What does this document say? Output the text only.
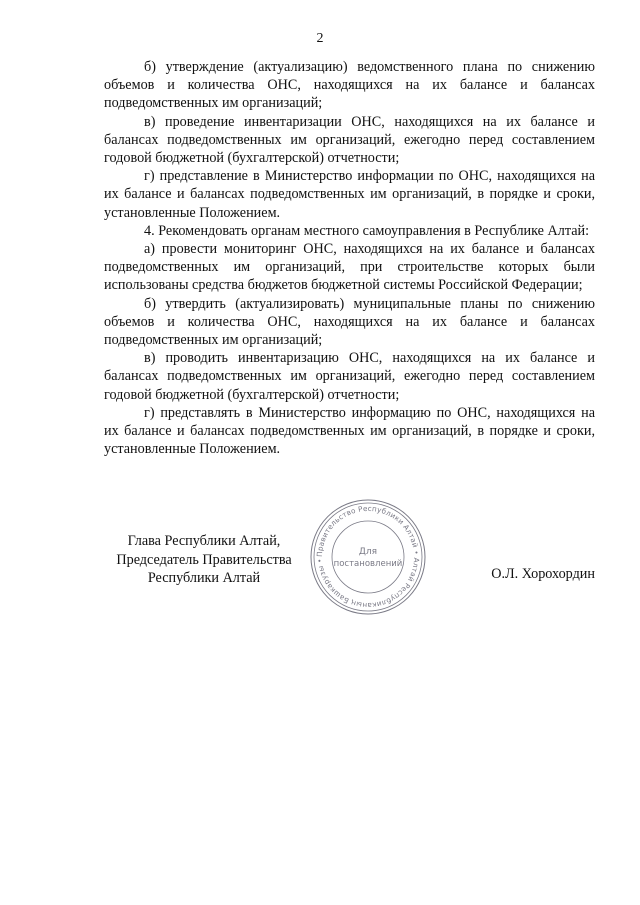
2

б) утверждение (актуализацию) ведомственного плана по снижению объемов и количества ОНС, находящихся на их балансе и балансах подведомственных им организаций;

в) проведение инвентаризации ОНС, находящихся на их балансе и балансах подведомственных им организаций, ежегодно перед составлением годовой бюджетной (бухгалтерской) отчетности;

г) представление в Министерство информации по ОНС, находящихся на их балансе и балансах подведомственных им организаций, в порядке и сроки, установленные Положением.

4. Рекомендовать органам местного самоуправления в Республике Алтай:

а) провести мониторинг ОНС, находящихся на их балансе и балансах подведомственных им организаций, при строительстве которых были использованы средства бюджетов бюджетной системы Российской Федерации;

б) утвердить (актуализировать) муниципальные планы по снижению объемов и количества ОНС, находящихся на их балансе и балансах подведомственных им организаций;

в) проводить инвентаризацию ОНС, находящихся на их балансе и балансах подведомственных им организаций, ежегодно перед составлением годовой бюджетной (бухгалтерской) отчетности;

г) представлять в Министерство информацию по ОНС, находящихся на их балансе и балансах подведомственных им организаций, в порядке и сроки, установленные Положением.

Глава Республики Алтай,
Председатель Правительства
Республики Алтай	О.Л. Хорохордин
Правительство Республики Алтай • Алтай Республиканың Башкарузы •
Для
постановлений
